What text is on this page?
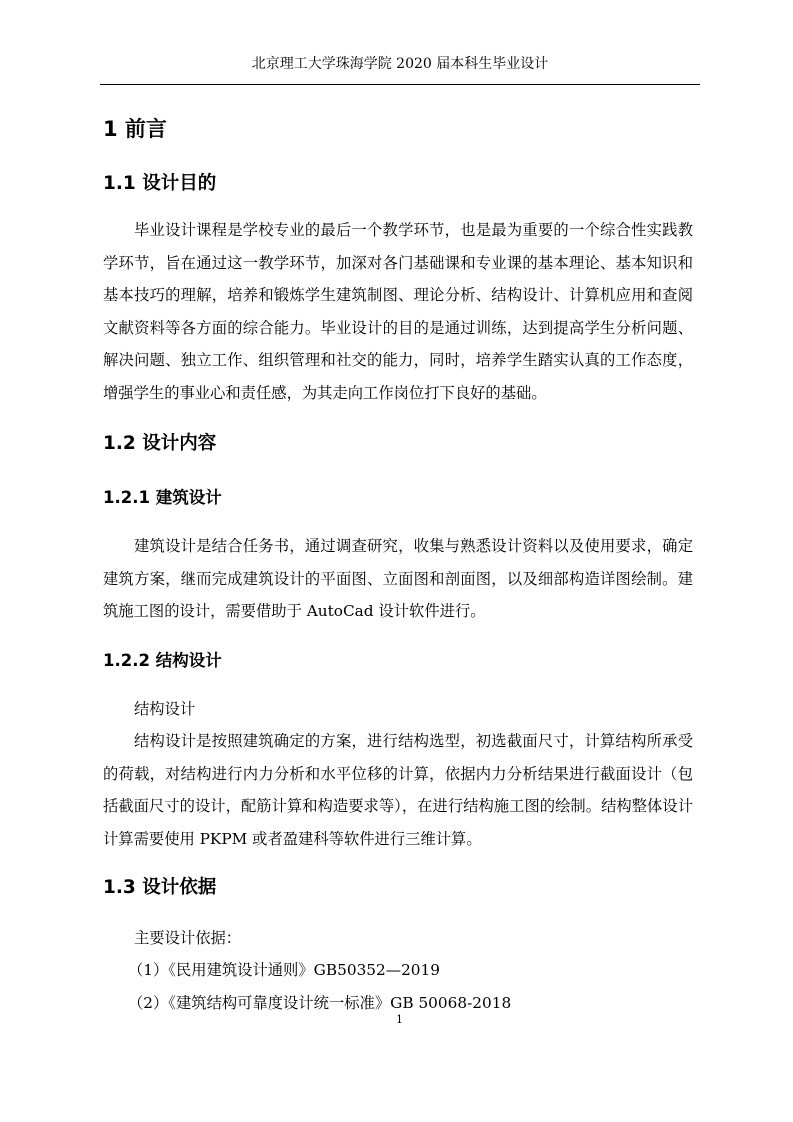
北京理工大学珠海学院 2020 届本科生毕业设计
1 前言
1.1 设计目的
毕业设计课程是学校专业的最后一个教学环节，也是最为重要的一个综合性实践教学环节，旨在通过这一教学环节，加深对各门基础课和专业课的基本理论、基本知识和基本技巧的理解，培养和锻炼学生建筑制图、理论分析、结构设计、计算机应用和查阅文献资料等各方面的综合能力。毕业设计的目的是通过训练，达到提高学生分析问题、解决问题、独立工作、组织管理和社交的能力，同时，培养学生踏实认真的工作态度，增强学生的事业心和责任感，为其走向工作岗位打下良好的基础。
1.2 设计内容
1.2.1 建筑设计
建筑设计是结合任务书，通过调查研究，收集与熟悉设计资料以及使用要求，确定建筑方案，继而完成建筑设计的平面图、立面图和剖面图，以及细部构造详图绘制。建筑施工图的设计，需要借助于 AutoCad 设计软件进行。
1.2.2 结构设计
结构设计
结构设计是按照建筑确定的方案，进行结构选型，初选截面尺寸，计算结构所承受的荷载，对结构进行内力分析和水平位移的计算，依据内力分析结果进行截面设计（包括截面尺寸的设计，配筋计算和构造要求等），在进行结构施工图的绘制。结构整体设计计算需要使用 PKPM 或者盈建科等软件进行三维计算。
1.3 设计依据
主要设计依据：
（1）《民用建筑设计通则》GB50352—2019
（2）《建筑结构可靠度设计统一标准》GB 50068-2018
1
